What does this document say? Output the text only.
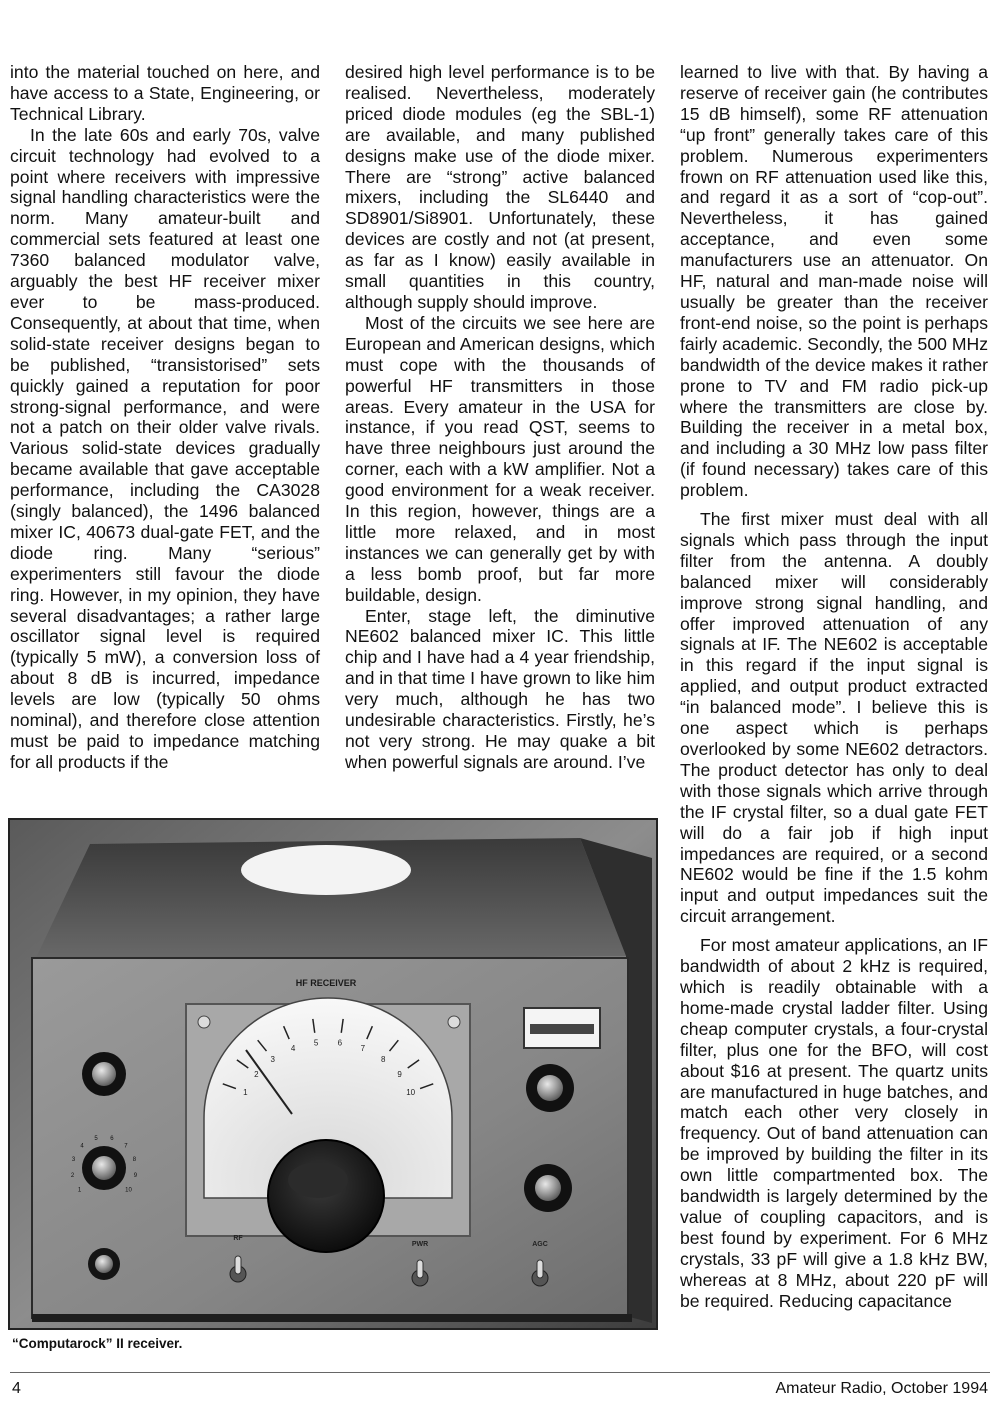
into the material touched on here, and have access to a State, Engineering, or Technical Library.

In the late 60s and early 70s, valve circuit technology had evolved to a point where receivers with impressive signal handling characteristics were the norm. Many amateur-built and commercial sets featured at least one 7360 balanced modulator valve, arguably the best HF receiver mixer ever to be mass-produced. Consequently, at about that time, when solid-state receiver designs began to be published, “transistorised” sets quickly gained a reputation for poor strong-signal performance, and were not a patch on their older valve rivals. Various solid-state devices gradually became available that gave acceptable performance, including the CA3028 (singly balanced), the 1496 balanced mixer IC, 40673 dual-gate FET, and the diode ring. Many “serious” experimenters still favour the diode ring. However, in my opinion, they have several disadvantages; a rather large oscillator signal level is required (typically 5 mW), a conversion loss of about 8 dB is incurred, impedance levels are low (typically 50 ohms nominal), and therefore close attention must be paid to impedance matching for all products if the

desired high level performance is to be realised. Nevertheless, moderately priced diode modules (eg the SBL-1) are available, and many published designs make use of the diode mixer. There are “strong” active balanced mixers, including the SL6440 and SD8901/Si8901. Unfortunately, these devices are costly and not (at present, as far as I know) easily available in small quantities in this country, although supply should improve.

Most of the circuits we see here are European and American designs, which must cope with the thousands of powerful HF transmitters in those areas. Every amateur in the USA for instance, if you read QST, seems to have three neighbours just around the corner, each with a kW amplifier. Not a good environment for a weak receiver. In this region, however, things are a little more relaxed, and in most instances we can generally get by with a less bomb proof, but far more buildable, design.

Enter, stage left, the diminutive NE602 balanced mixer IC. This little chip and I have had a 4 year friendship, and in that time I have grown to like him very much, although he has two undesirable characteristics. Firstly, he’s not very strong. He may quake a bit when powerful signals are around. I’ve

learned to live with that. By having a reserve of receiver gain (he contributes 15 dB himself), some RF attenuation “up front” generally takes care of this problem. Numerous experimenters frown on RF attenuation used like this, and regard it as a sort of “cop-out”. Nevertheless, it has gained acceptance, and even some manufacturers use an attenuator. On HF, natural and man-made noise will usually be greater than the receiver front-end noise, so the point is perhaps fairly academic. Secondly, the 500 MHz bandwidth of the device makes it rather prone to TV and FM radio pick-up where the transmitters are close by. Building the receiver in a metal box, and including a 30 MHz low pass filter (if found necessary) takes care of this problem.

The first mixer must deal with all signals which pass through the input filter from the antenna. A doubly balanced mixer will considerably improve strong signal handling, and offer improved attenuation of any signals at IF. The NE602 is acceptable in this regard if the input signal is applied, and output product extracted “in balanced mode”. I believe this is one aspect which is perhaps overlooked by some NE602 detractors. The product detector has only to deal with those signals which arrive through the IF crystal filter, so a dual gate FET will do a fair job if high input impedances are required, or a second NE602 would be fine if the 1.5 kohm input and output impedances suit the circuit arrangement.

For most amateur applications, an IF bandwidth of about 2 kHz is required, which is readily obtainable with a home-made crystal ladder filter. Using cheap computer crystals, a four-crystal filter, plus one for the BFO, will cost about $16 at present. The quartz units are manufactured in huge batches, and match each other very closely in frequency. Out of band attenuation can be improved by building the filter in its own little compartmented box. The bandwidth is largely determined by the value of coupling capacitors, and is best found by experiment. For 6 MHz crystals, 33 pF will give a 1.8 kHz BW, whereas at 8 MHz, about 220 pF will be required. Reducing capacitance

HF RECEIVER
1
2
3
4
5 6
7
8
9
10
1
2
3
4
5 6
7
8
9
10
RF
PWR	AGC
“Computarock” II receiver.
4	Amateur Radio, October 1994
